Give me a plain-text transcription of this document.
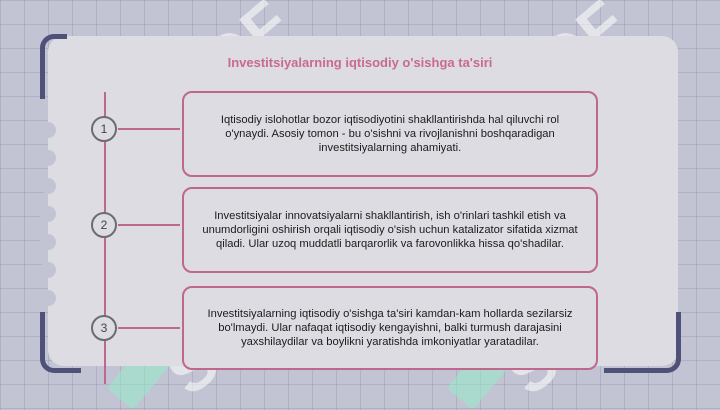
Investitsiyalarning iqtisodiy o'sishga ta'siri
1
Iqtisodiy islohotlar bozor iqtisodiyotini shakllantirishda hal qiluvchi rol o'ynaydi. Asosiy tomon - bu o'sishni va rivojlanishni boshqaradigan investitsiyalarning ahamiyati.
2
Investitsiyalar innovatsiyalarni shakllantirish, ish o'rinlari tashkil etish va unumdorligini oshirish orqali iqtisodiy o'sish uchun katalizator sifatida xizmat qiladi. Ular uzoq muddatli barqarorlik va farovonlikka hissa qo'shadilar.
3
Investitsiyalarning iqtisodiy o'sishga ta'siri kamdan-kam hollarda sezilarsiz bo'lmaydi. Ular nafaqat iqtisodiy kengayishni, balki turmush darajasini yaxshilaydilar va boylikni yaratishda imkoniyatlar yaratadilar.
